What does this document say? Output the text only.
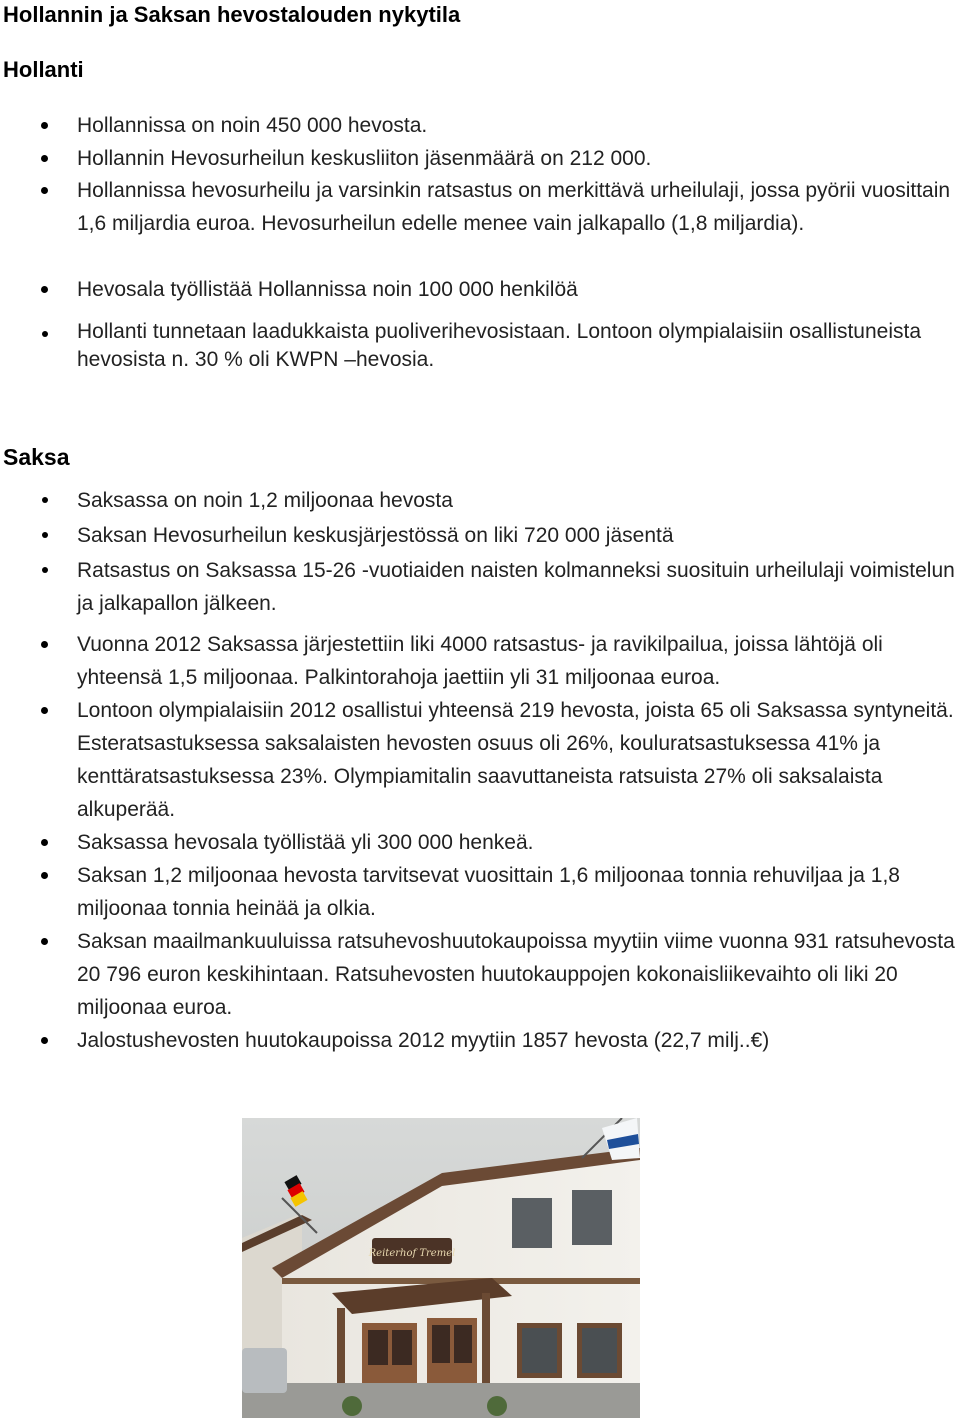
Hollannin ja Saksan hevostalouden nykytila
Hollanti
Hollannissa on noin 450 000 hevosta.
Hollannin Hevosurheilun keskusliiton jäsenmäärä on 212 000.
Hollannissa hevosurheilu ja varsinkin ratsastus on merkittävä urheilulaji, jossa pyörii vuosittain 1,6 miljardia euroa. Hevosurheilun edelle menee vain jalkapallo (1,8 miljardia).
Hevosala työllistää Hollannissa noin 100 000 henkilöä
Hollanti tunnetaan laadukkaista puoliverihevosistaan. Lontoon olympialaisiin osallistuneista hevosista n. 30 % oli KWPN –hevosia.
Saksa
Saksassa on noin 1,2 miljoonaa hevosta
Saksan Hevosurheilun keskusjärjestössä on liki 720 000 jäsentä
Ratsastus on Saksassa 15-26 -vuotiaiden naisten kolmanneksi suosituin urheilulaji voimistelun ja jalkapallon jälkeen.
Vuonna 2012 Saksassa järjestettiin liki 4000 ratsastus- ja ravikilpailua, joissa lähtöjä oli yhteensä 1,5 miljoonaa. Palkintorahoja jaettiin yli 31 miljoonaa euroa.
Lontoon olympialaisiin 2012 osallistui yhteensä 219 hevosta, joista 65 oli Saksassa syntyneitä. Esteratsastuksessa saksalaisten hevosten osuus oli 26%, kouluratsastuksessa 41% ja kenttäratsastuksessa 23%. Olympiamitalin saavuttaneista ratsuista 27% oli saksalaista alkuperää.
Saksassa hevosala työllistää yli 300 000 henkeä.
Saksan 1,2 miljoonaa hevosta tarvitsevat vuosittain 1,6 miljoonaa tonnia rehuviljaa ja 1,8 miljoonaa tonnia heinää ja olkia.
Saksan maailmankuuluissa ratsuhevoshuutokaupoissa myytiin viime vuonna 931 ratsuhevosta 20 796 euron keskihintaan. Ratsuhevosten huutokauppojen kokonaisliikevaihto oli liki 20 miljoonaa euroa.
Jalostushevosten huutokaupoissa 2012 myytiin 1857 hevosta (22,7 milj..€)
Reiterhof Tremel
